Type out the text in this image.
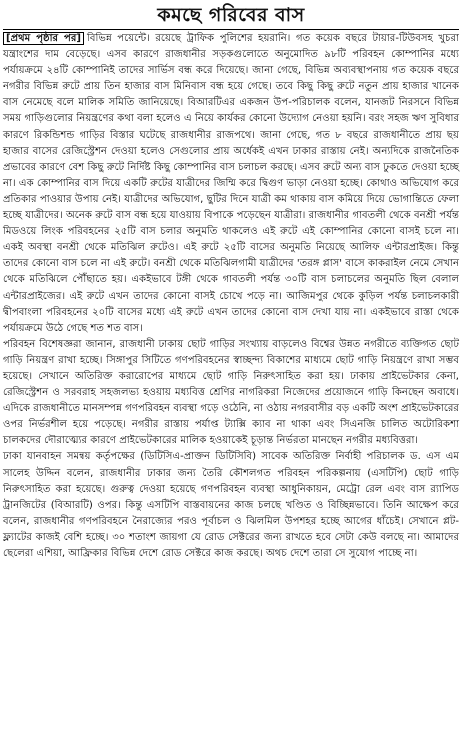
কমছে গরিবের বাস

[প্রথম পৃষ্ঠার পর] বিভিন্ন পয়েন্টে। রয়েছে ট্রাফিক পুলিশের হয়রানি। গত কয়েক বছরে টায়ার-টিউবসহ খুচরা যন্ত্রাংশের দাম বেড়েছে। এসব কারণে রাজধানীর সড়কগুলোতে অনুমোদিত ৯৮টি পরিবহন কোম্পানির মধ্যে পর্যায়ক্রমে ২৪টি কোম্পানিই তাদের সার্ভিস বন্ধ করে দিয়েছে। জানা গেছে, বিভিন্ন অব্যবস্থাপনায় গত কয়েক বছরে নগরীর বিভিন্ন রুটে প্রায় তিন হাজার বাস মিনিবাস বন্ধ হয়ে গেছে। তবে কিছু কিছু রুটে নতুন প্রায় হাজার খানেক বাস নেমেছে বলে মালিক সমিতি জানিয়েছে। বিআরটিএর একজন উপ-পরিচালক বলেন, যানজট নিরসনে বিভিন্ন সময় গাড়িগুলোর নিয়ন্ত্রণের কথা বলা হলেও এ নিয়ে কার্যকর কোনো উদ্যোগ নেওয়া হয়নি। বরং সহজ ঋণ সুবিধার কারণে রিকন্ডিশন্ড গাড়ির বিস্তার ঘটেছে রাজধানীর রাজপথে। জানা গেছে, গত ৮ বছরে রাজধানীতে প্রায় ছয় হাজার বাসের রেজিস্ট্রেশন দেওয়া হলেও সেগুলোর প্রায় অর্ধেকই এখন ঢাকার রাস্তায় নেই। অন্যদিকে রাজনৈতিক প্রভাবের কারণে বেশ কিছু রুটে নির্দিষ্ট কিছু কোম্পানির বাস চলাচল করছে। এসব রুটে অন্য বাস ঢুকতে দেওয়া হচ্ছে না। এক কোম্পানির বাস দিয়ে একটি রুটের যাত্রীদের জিম্মি করে দ্বিগুণ ভাড়া নেওয়া হচ্ছে। কোথাও অভিযোগ করে প্রতিকার পাওয়ার উপায় নেই। যাত্রীদের অভিযোগ, ছুটির দিনে যাত্রী কম থাকায় বাস কমিয়ে দিয়ে ভোগান্তিতে ফেলা হচ্ছে যাত্রীদের। অনেক রুটে বাস বন্ধ হয়ে যাওয়ায় বিপাকে পড়েছেন যাত্রীরা। রাজধানীর গাবতলী থেকে বনশ্রী পর্যন্ত মিডওয়ে লিংক পরিবহনের ২৫টি বাস চলার অনুমতি থাকলেও এই রুটে এই কোম্পানির কোনো বাসই চলে না। একই অবস্থা বনশ্রী থেকে মতিঝিল রুটেও। এই রুটে ২৫টি বাসের অনুমতি নিয়েছে আলিফ এন্টারপ্রাইজ। কিন্তু তাদের কোনো বাস চলে না এই রুটে। বনশ্রী থেকে মতিঝিলগামী যাত্রীদের 'তরঙ্গ প্লাস' বাসে কাকরাইল নেমে সেখান থেকে মতিঝিলে পৌঁছাতে হয়। একইভাবে টঙ্গী থেকে গাবতলী পর্যন্ত ৩০টি বাস চলাচলের অনুমতি ছিল বেলাল এন্টারপ্রাইজের। এই রুটে এখন তাদের কোনো বাসই চোখে পড়ে না। আজিমপুর থেকে কুড়িল পর্যন্ত চলাচলকারী দ্বীপবাংলা পরিবহনের ২০টি বাসের মধ্যে এই রুটে এখন তাদের কোনো বাস দেখা যায় না। একইভাবে রাস্তা থেকে পর্যায়ক্রমে উঠে গেছে শত শত বাস।

পরিবহন বিশেষজ্ঞরা জানান, রাজধানী ঢাকায় ছোট গাড়ির সংখ্যায় বাড়লেও বিশ্বের উন্নত নগরীতে ব্যক্তিগত ছোট গাড়ি নিয়ন্ত্রণ রাখা হচ্ছে। সিঙ্গাপুর সিটিতে গণপরিবহনের স্বাচ্ছন্দ্য বিকাশের মাধ্যমে ছোট গাড়ি নিয়ন্ত্রণে রাখা সম্ভব হয়েছে। সেখানে অতিরিক্ত করারোপের মাধ্যমে ছোট গাড়ি নিরুৎসাহিত করা হয়। ঢাকায় প্রাইভেটকার কেনা, রেজিস্ট্রেশন ও সরবরাহ সহজলভ্য হওয়ায় মধ্যবিত্ত শ্রেণির নাগরিকরা নিজেদের প্রয়োজনে গাড়ি কিনছেন অবাধে। এদিকে রাজধানীতে মানসম্পন্ন গণপরিবহন ব্যবস্থা গড়ে ওঠেনি, না ওঠায় নগরবাসীর বড় একটি অংশ প্রাইভেটকারের ওপর নির্ভরশীল হয়ে পড়েছে। নগরীর রাস্তায় পর্যাপ্ত ট্যাক্সি ক্যাব না থাকা এবং সিএনজি চালিত অটোরিকশা চালকদের দৌরাত্ম্যের কারণে প্রাইভেটকারের মালিক হওয়াকেই চূড়ান্ত নির্ভরতা মানছেন নগরীর মধ্যবিত্তরা।

ঢাকা যানবাহন সমন্বয় কর্তৃপক্ষের (ডিটিসিএ-প্রাক্তন ডিটিসিবি) সাবেক অতিরিক্ত নির্বাহী পরিচালক ড. এস এম সালেহ উদ্দিন বলেন, রাজধানীর ঢাকার জন্য তৈরি কৌশলগত পরিবহন পরিকল্পনায় (এসটিপি) ছোট গাড়ি নিরুৎসাহিত করা হয়েছে। গুরুত্ব দেওয়া হয়েছে গণপরিবহন ব্যবস্থা আধুনিকায়ন, মেট্রো রেল এবং বাস র‌্যাপিড ট্রানজিটের (বিআরটি) ওপর। কিন্তু এসটিপি বাস্তবায়নের কাজ চলছে খণ্ডিত ও বিচ্ছিন্নভাবে। তিনি আক্ষেপ করে বলেন, রাজধানীর গণপরিবহনে নৈরাজ্যের পরও পূর্বাচল ও ঝিলমিল উপশহর হচ্ছে আগের ধাঁচেই। সেখানে প্লট-ফ্ল্যাটের কাজই বেশি হচ্ছে। ৩০ শতাংশ জায়গা যে রোড সেক্টরের জন্য রাখতে হবে সেটা কেউ বলছে না। আমাদের ছেলেরা এশিয়া, আফ্রিকার বিভিন্ন দেশে রোড সেক্টরে কাজ করছে। অথচ দেশে তারা সে সুযোগ পাচ্ছে না।
